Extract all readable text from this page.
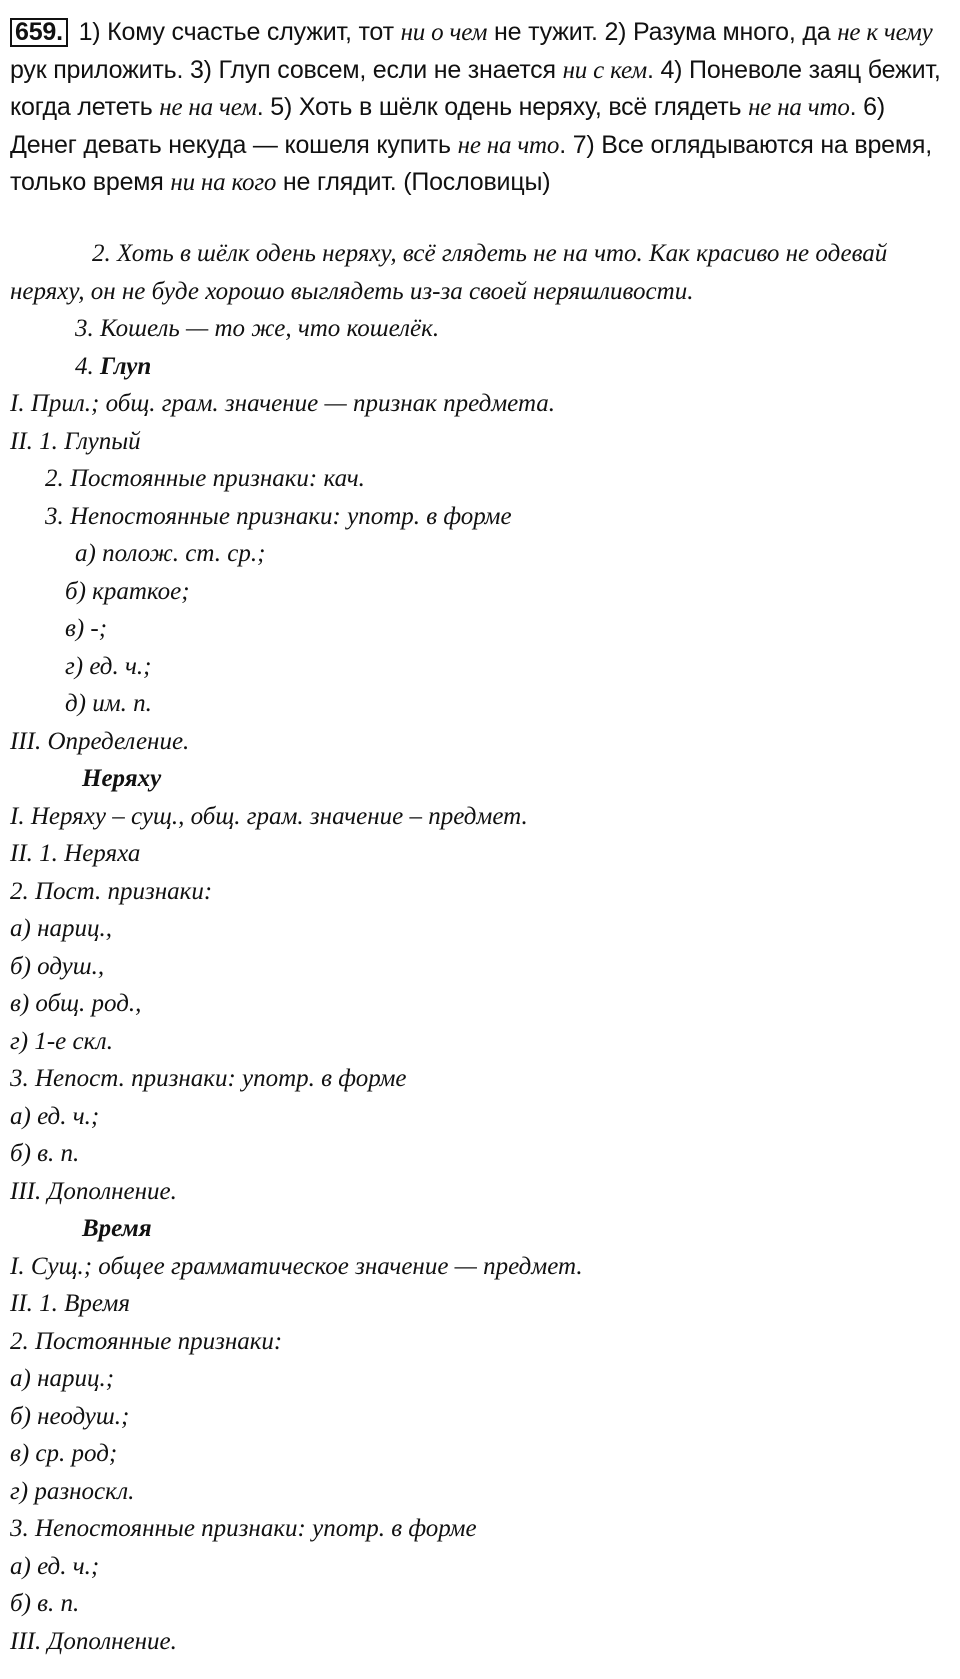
659. 1) Кому счастье служит, тот ни о чем не тужит. 2) Разума много, да не к чему рук приложить. 3) Глуп совсем, если не знается ни с кем. 4) Поневоле заяц бежит, когда лететь не на чем. 5) Хоть в шёлк одень неряху, всё глядеть не на что. 6) Денег девать некуда — кошеля купить не на что. 7) Все оглядываются на время, только время ни на кого не глядит. (Пословицы)
2. Хоть в шёлк одень неряху, всё глядеть не на что. Как красиво не одевай неряху, он не буде хорошо выглядеть из-за своей неряшливости.
3. Кошель — то же, что кошелёк.
4. Глуп
I. Прил.; общ. грам. значение — признак предмета.
II. 1. Глупый
2. Постоянные признаки: кач.
3. Непостоянные признаки: употр. в форме
а) полож. ст. ср.;
б) краткое;
в) -;
г) ед. ч.;
д) им. п.
III. Определение.
Неряху
I. Неряху – сущ., общ. грам. значение – предмет.
II. 1. Неряха
2. Пост. признаки:
а) нариц.,
б) одуш.,
в) общ. род.,
г) 1-е скл.
3. Непост. признаки: употр. в форме
а) ед. ч.;
б) в. п.
III. Дополнение.
Время
I. Сущ.; общее грамматическое значение — предмет.
II. 1. Время
2. Постоянные признаки:
а) нариц.;
б) неодуш.;
в) ср. род;
г) разноскл.
3. Непостоянные признаки: употр. в форме
а) ед. ч.;
б) в. п.
III. Дополнение.
